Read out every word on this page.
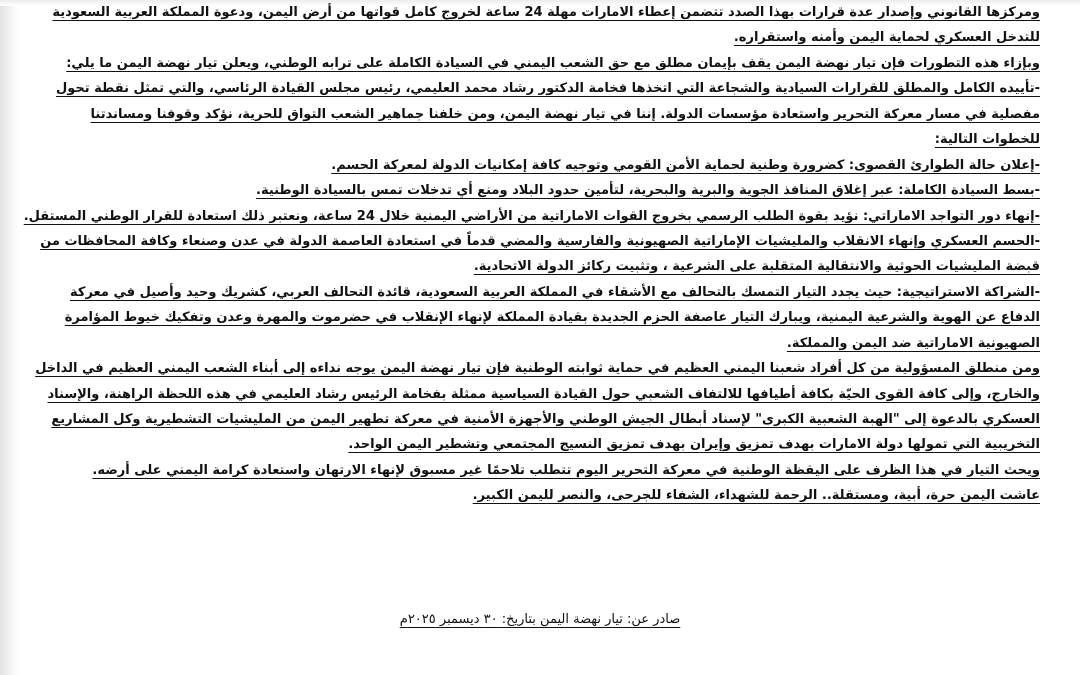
ومركزها القانوني وإصدار عدة قرارات بهذا الصدد تتضمن إعطاء الامارات مهلة 24 ساعة لخروج كامل قواتها من أرض اليمن، ودعوة المملكة العربية السعودية
للتدخل العسكري لحماية اليمن وأمنه واستقراره.
وبإزاء هذه التطورات فإن تيار نهضة اليمن يقف بإيمان مطلق مع حق الشعب اليمني في السيادة الكاملة على ترابه الوطني، ويعلن تيار نهضة اليمن ما يلي:
-تأييده الكامل والمطلق للقرارات السيادية والشجاعة التي اتخذها فخامة الدكتور رشاد محمد العليمي، رئيس مجلس القيادة الرئاسي، والتي تمثل نقطة تحول
مفصلية في مسار معركة التحرير واستعادة مؤسسات الدولة. إننا في تيار نهضة اليمن، ومن خلفنا جماهير الشعب التواق للحرية، نؤكد وقوفنا ومساندتنا
للخطوات التالية:
-إعلان حالة الطوارئ القصوى: كضرورة وطنية لحماية الأمن القومي وتوجيه كافة إمكانيات الدولة لمعركة الحسم.
-بسط السيادة الكاملة: عبر إغلاق المنافذ الجوية والبرية والبحرية، لتأمين حدود البلاد ومنع أي تدخلات تمس بالسيادة الوطنية.
-إنهاء دور التواجد الاماراتي: نؤيد بقوة الطلب الرسمي بخروج القوات الاماراتية من الأراضي اليمنية خلال 24 ساعة، ونعتبر ذلك استعادة للقرار الوطني المستقل.
-الحسم العسكري وإنهاء الانقلاب والمليشيات الإماراتية الصهيونية والفارسية والمضي قدماً في استعادة العاصمة الدولة في عدن وصنعاء وكافة المحافظات من
قبضة المليشيات الحوثية والانتقالية المتقلبة على الشرعية ، وتثبيت ركائز الدولة الاتحادية.
-الشراكة الاستراتيجية: حيث يجدد التيار التمسك بالتحالف مع الأشقاء في المملكة العربية السعودية، قائدة التحالف العربي، كشريك وحيد وأصيل في معركة
الدفاع عن الهوية والشرعية اليمنية، ويبارك التيار عاصفة الحزم الجديدة بقيادة المملكة لإنهاء الإنقلاب في حضرموت والمهرة وعدن وتفكيك خيوط المؤامرة
الصهيونية الاماراتية ضد اليمن والمملكة.
ومن منطلق المسؤولية من كل أفراد شعبنا اليمني العظيم في حماية ثوابته الوطنية فإن تيار نهضة اليمن يوجه نداءه إلى أبناء الشعب اليمني العظيم في الداخل
والخارج، وإلى كافة القوى الحيّة بكافة أطيافها للالتفاف الشعبي حول القيادة السياسية ممثلة بفخامة الرئيس رشاد العليمي في هذه اللحظة الراهنة، والإسناد
العسكري بالدعوة إلى "الهبة الشعبية الكبرى" لإسناد أبطال الجيش الوطني والأجهزة الأمنية في معركة تطهير اليمن من المليشيات التشطيرية وكل المشاريع
التخريبية التي تمولها دولة الامارات بهدف تمزيق وإيران بهدف تمزيق النسيج المجتمعي وتشطير اليمن الواحد.
ويحث التيار في هذا الظرف على اليقظة الوطنية في معركة التحرير اليوم تتطلب تلاحمًا غير مسبوق لإنهاء الارتهان واستعادة كرامة اليمني على أرضه.
عاشت اليمن حرة، أبية، ومستقلة.. الرحمة للشهداء، الشفاء للجرحى، والنصر لليمن الكبير.
صادر عن: تيار نهضة اليمن بتاريخ: ٣٠ ديسمبر ٢٠٢٥م
